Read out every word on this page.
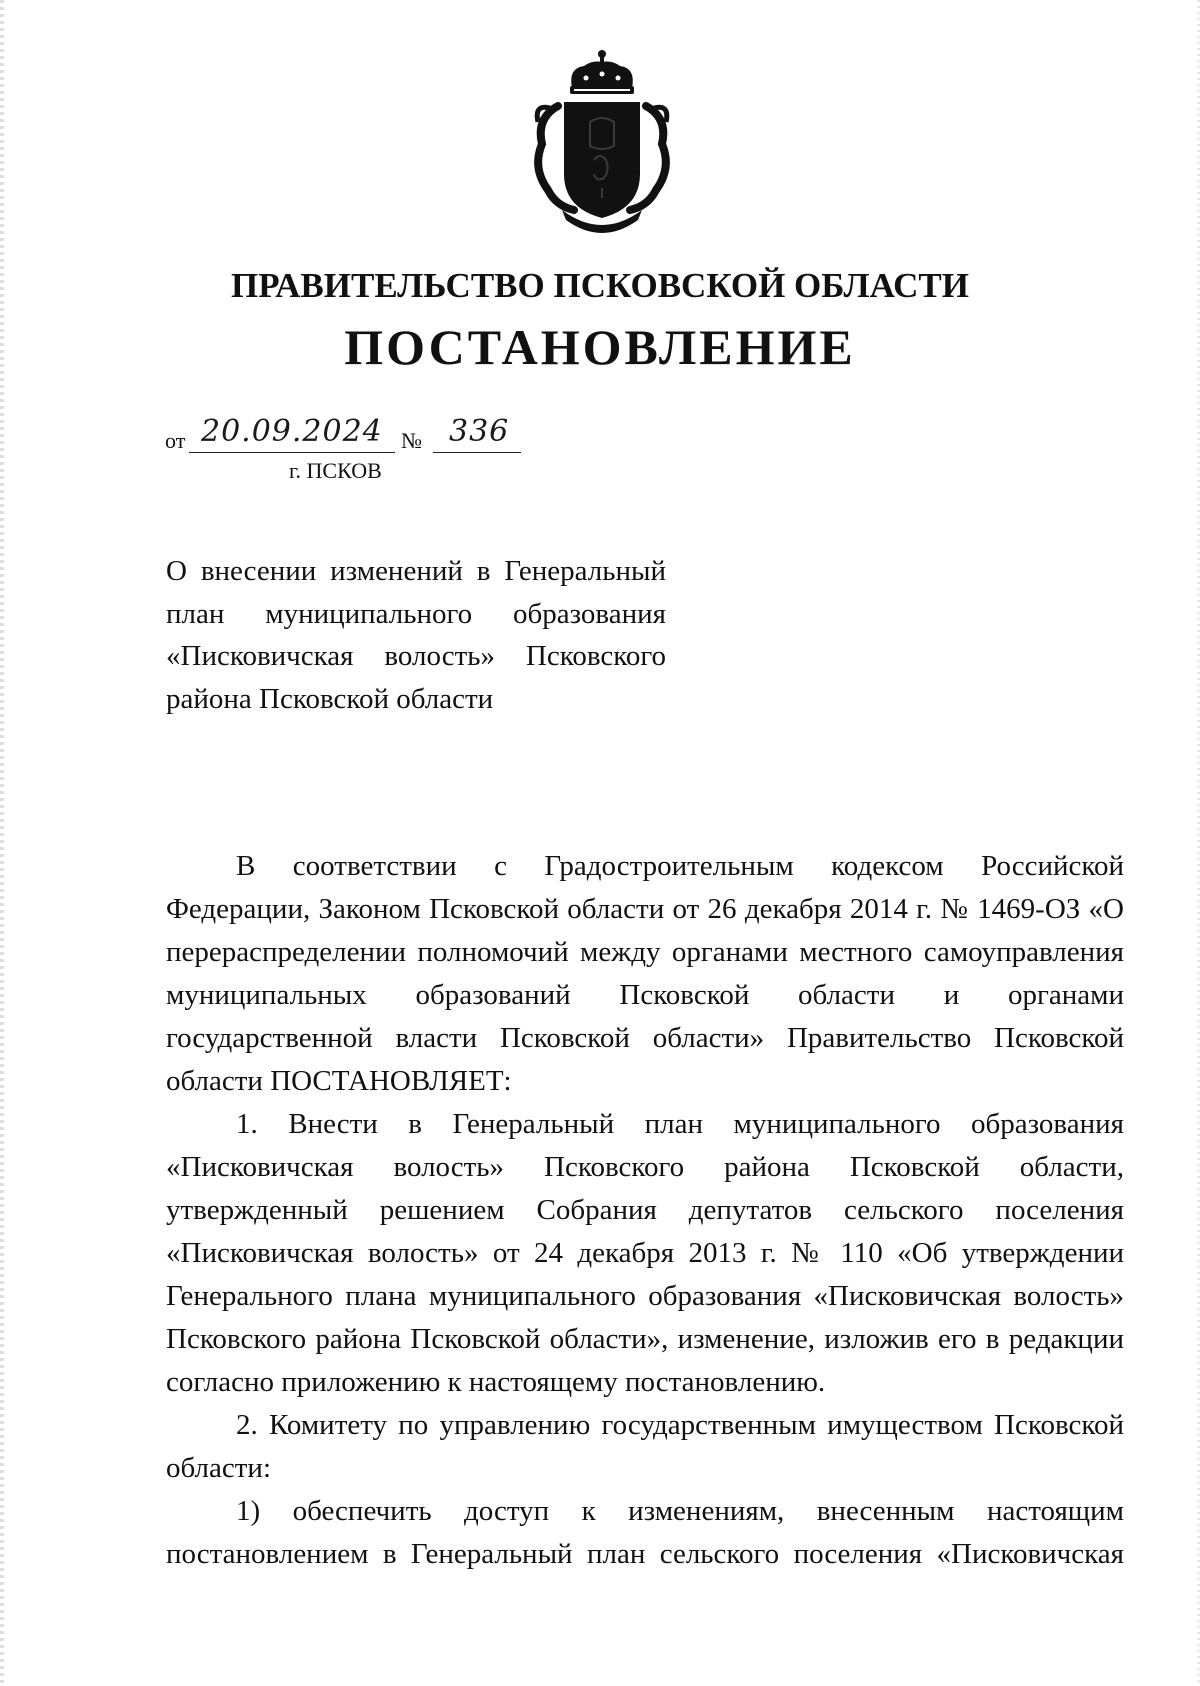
ПРАВИТЕЛЬСТВО ПСКОВСКОЙ ОБЛАСТИ
ПОСТАНОВЛЕНИЕ
от 20.09.2024 № 336
г. ПСКОВ
О внесении изменений в Генеральный план муниципального образования «Писковичская волость» Псковского района Псковской области

В соответствии с Градостроительным кодексом Российской Федерации, Законом Псковской области от 26 декабря 2014 г. № 1469-ОЗ «О перераспределении полномочий между органами местного самоуправления муниципальных образований Псковской области и органами государственной власти Псковской области» Правительство Псковской области ПОСТАНОВЛЯЕТ:

1. Внести в Генеральный план муниципального образования «Писковичская волость» Псковского района Псковской области, утвержденный решением Собрания депутатов сельского поселения «Писковичская волость» от 24 декабря 2013 г. № 110 «Об утверждении Генерального плана муниципального образования «Писковичская волость» Псковского района Псковской области», изменение, изложив его в редакции согласно приложению к настоящему постановлению.

2. Комитету по управлению государственным имуществом Псковской области:

1) обеспечить доступ к изменениям, внесенным настоящим постановлением в Генеральный план сельского поселения «Писковичская
